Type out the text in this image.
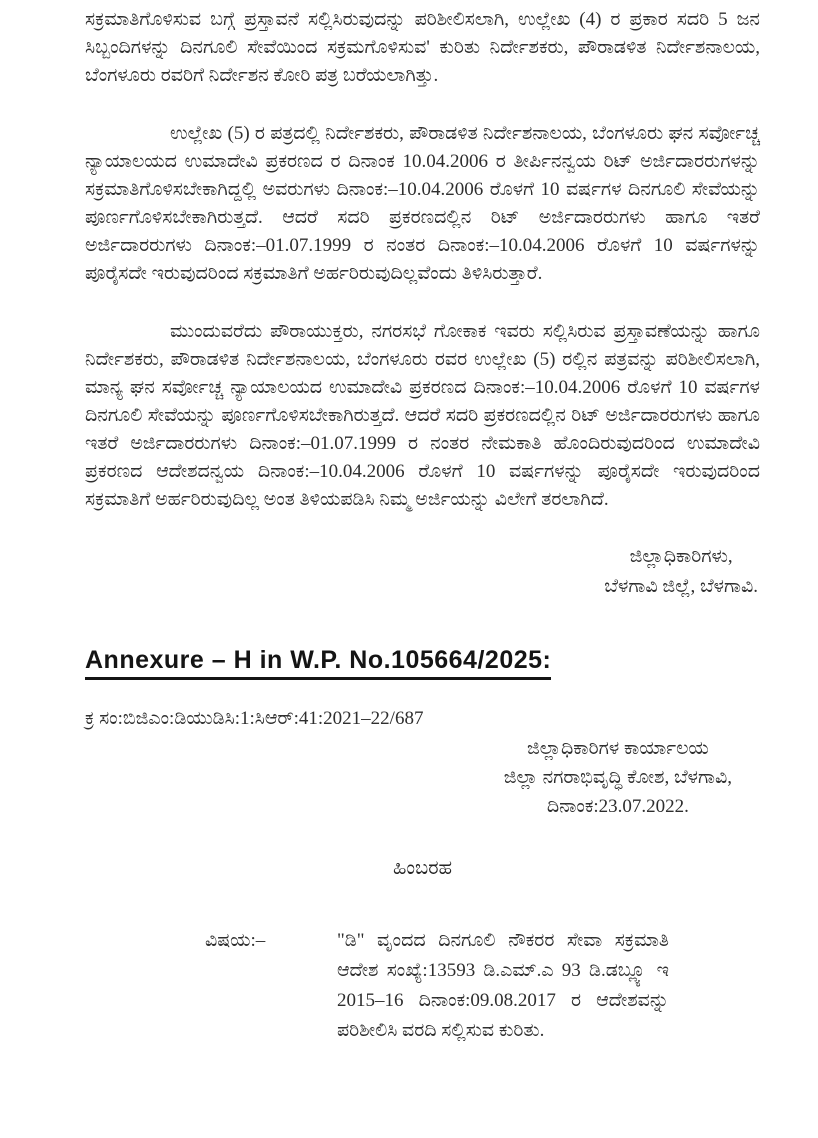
ಸಕ್ರಮಾತಿಗೊಳಿಸುವ ಬಗ್ಗೆ ಪ್ರಸ್ತಾವನೆ ಸಲ್ಲಿಸಿರುವುದನ್ನು ಪರಿಶೀಲಿಸಲಾಗಿ, ಉಲ್ಲೇಖ (4) ರ ಪ್ರಕಾರ ಸದರಿ 5 ಜನ ಸಿಬ್ಬಂದಿಗಳನ್ನು ದಿನಗೂಲಿ ಸೇವೆಯಿಂದ ಸಕ್ರಮಗೊಳಿಸುವ' ಕುರಿತು ನಿರ್ದೇಶಕರು, ಪೌರಾಡಳಿತ ನಿರ್ದೇಶನಾಲಯ, ಬೆಂಗಳೂರು ರವರಿಗೆ ನಿರ್ದೇಶನ ಕೋರಿ ಪತ್ರ ಬರೆಯಲಾಗಿತ್ತು.

ಉಲ್ಲೇಖ (5) ರ ಪತ್ರದಲ್ಲಿ ನಿರ್ದೇಶಕರು, ಪೌರಾಡಳಿತ ನಿರ್ದೇಶನಾಲಯ, ಬೆಂಗಳೂರು ಘನ ಸರ್ವೋಚ್ಚ ನ್ಯಾಯಾಲಯದ ಉಮಾದೇವಿ ಪ್ರಕರಣದ ರ ದಿನಾಂಕ 10.04.2006 ರ ತೀರ್ಪಿನನ್ವಯ ರಿಟ್ ಅರ್ಜಿದಾರರುಗಳನ್ನು ಸಕ್ರಮಾತಿಗೊಳಿಸಬೇಕಾಗಿದ್ದಲ್ಲಿ ಅವರುಗಳು ದಿನಾಂಕ:–10.04.2006 ರೊಳಗೆ 10 ವರ್ಷಗಳ ದಿನಗೂಲಿ ಸೇವೆಯನ್ನು ಪೂರ್ಣಗೊಳಿಸಬೇಕಾಗಿರುತ್ತದೆ. ಆದರೆ ಸದರಿ ಪ್ರಕರಣದಲ್ಲಿನ ರಿಟ್ ಅರ್ಜಿದಾರರುಗಳು ಹಾಗೂ ಇತರೆ ಅರ್ಜಿದಾರರುಗಳು ದಿನಾಂಕ:–01.07.1999 ರ ನಂತರ ದಿನಾಂಕ:–10.04.2006 ರೊಳಗೆ 10 ವರ್ಷಗಳನ್ನು ಪೂರೈಸದೇ ಇರುವುದರಿಂದ ಸಕ್ರಮಾತಿಗೆ ಅರ್ಹರಿರುವುದಿಲ್ಲವೆಂದು ತಿಳಿಸಿರುತ್ತಾರೆ.

ಮುಂದುವರೆದು ಪೌರಾಯುಕ್ತರು, ನಗರಸಭೆ ಗೋಕಾಕ ಇವರು ಸಲ್ಲಿಸಿರುವ ಪ್ರಸ್ತಾವಣೆಯನ್ನು ಹಾಗೂ ನಿರ್ದೇಶಕರು, ಪೌರಾಡಳಿತ ನಿರ್ದೇಶನಾಲಯ, ಬೆಂಗಳೂರು ರವರ ಉಲ್ಲೇಖ (5) ರಲ್ಲಿನ ಪತ್ರವನ್ನು ಪರಿಶೀಲಿಸಲಾಗಿ, ಮಾನ್ಯ ಘನ ಸರ್ವೋಚ್ಚ ನ್ಯಾಯಾಲಯದ ಉಮಾದೇವಿ ಪ್ರಕರಣದ ದಿನಾಂಕ:–10.04.2006 ರೊಳಗೆ 10 ವರ್ಷಗಳ ದಿನಗೂಲಿ ಸೇವೆಯನ್ನು ಪೂರ್ಣಗೊಳಿಸಬೇಕಾಗಿರುತ್ತದೆ. ಆದರೆ ಸದರಿ ಪ್ರಕರಣದಲ್ಲಿನ ರಿಟ್ ಅರ್ಜಿದಾರರುಗಳು ಹಾಗೂ ಇತರೆ ಅರ್ಜಿದಾರರುಗಳು ದಿನಾಂಕ:–01.07.1999 ರ ನಂತರ ನೇಮಕಾತಿ ಹೊಂದಿರುವುದರಿಂದ ಉಮಾದೇವಿ ಪ್ರಕರಣದ ಆದೇಶದನ್ವಯ ದಿನಾಂಕ:–10.04.2006 ರೊಳಗೆ 10 ವರ್ಷಗಳನ್ನು ಪೂರೈಸದೇ ಇರುವುದರಿಂದ ಸಕ್ರಮಾತಿಗೆ ಅರ್ಹರಿರುವುದಿಲ್ಲ ಅಂತ ತಿಳಿಯಪಡಿಸಿ ನಿಮ್ಮ ಅರ್ಜಿಯನ್ನು ವಿಲೇಗೆ ತರಲಾಗಿದೆ.

ಜಿಲ್ಲಾಧಿಕಾರಿಗಳು,
ಬೆಳಗಾವಿ ಜಿಲ್ಲೆ, ಬೆಳಗಾವಿ.
Annexure – H in W.P. No.105664/2025:
ಕ್ರ ಸಂ:ಬಿಜಿಎಂ:ಡಿಯುಡಿಸಿ:1:ಸಿಆರ್:41:2021–22/687
ಜಿಲ್ಲಾಧಿಕಾರಿಗಳ ಕಾರ್ಯಾಲಯ
ಜಿಲ್ಲಾ ನಗರಾಭಿವೃದ್ಧಿ ಕೋಶ, ಬೆಳಗಾವಿ,
ದಿನಾಂಕ:23.07.2022.
ಹಿಂಬರಹ
ವಿಷಯ:–	"ಡಿ" ವೃಂದದ ದಿನಗೂಲಿ ನೌಕರರ ಸೇವಾ ಸಕ್ರಮಾತಿ ಆದೇಶ ಸಂಖ್ಯೆ:13593 ಡಿ.ಎಮ್.ಎ 93 ಡಿ.ಡಬ್ಲ್ಯೂ ಇ 2015–16 ದಿನಾಂಕ:09.08.2017 ರ ಆದೇಶವನ್ನು ಪರಿಶೀಲಿಸಿ ವರದಿ ಸಲ್ಲಿಸುವ ಕುರಿತು.
